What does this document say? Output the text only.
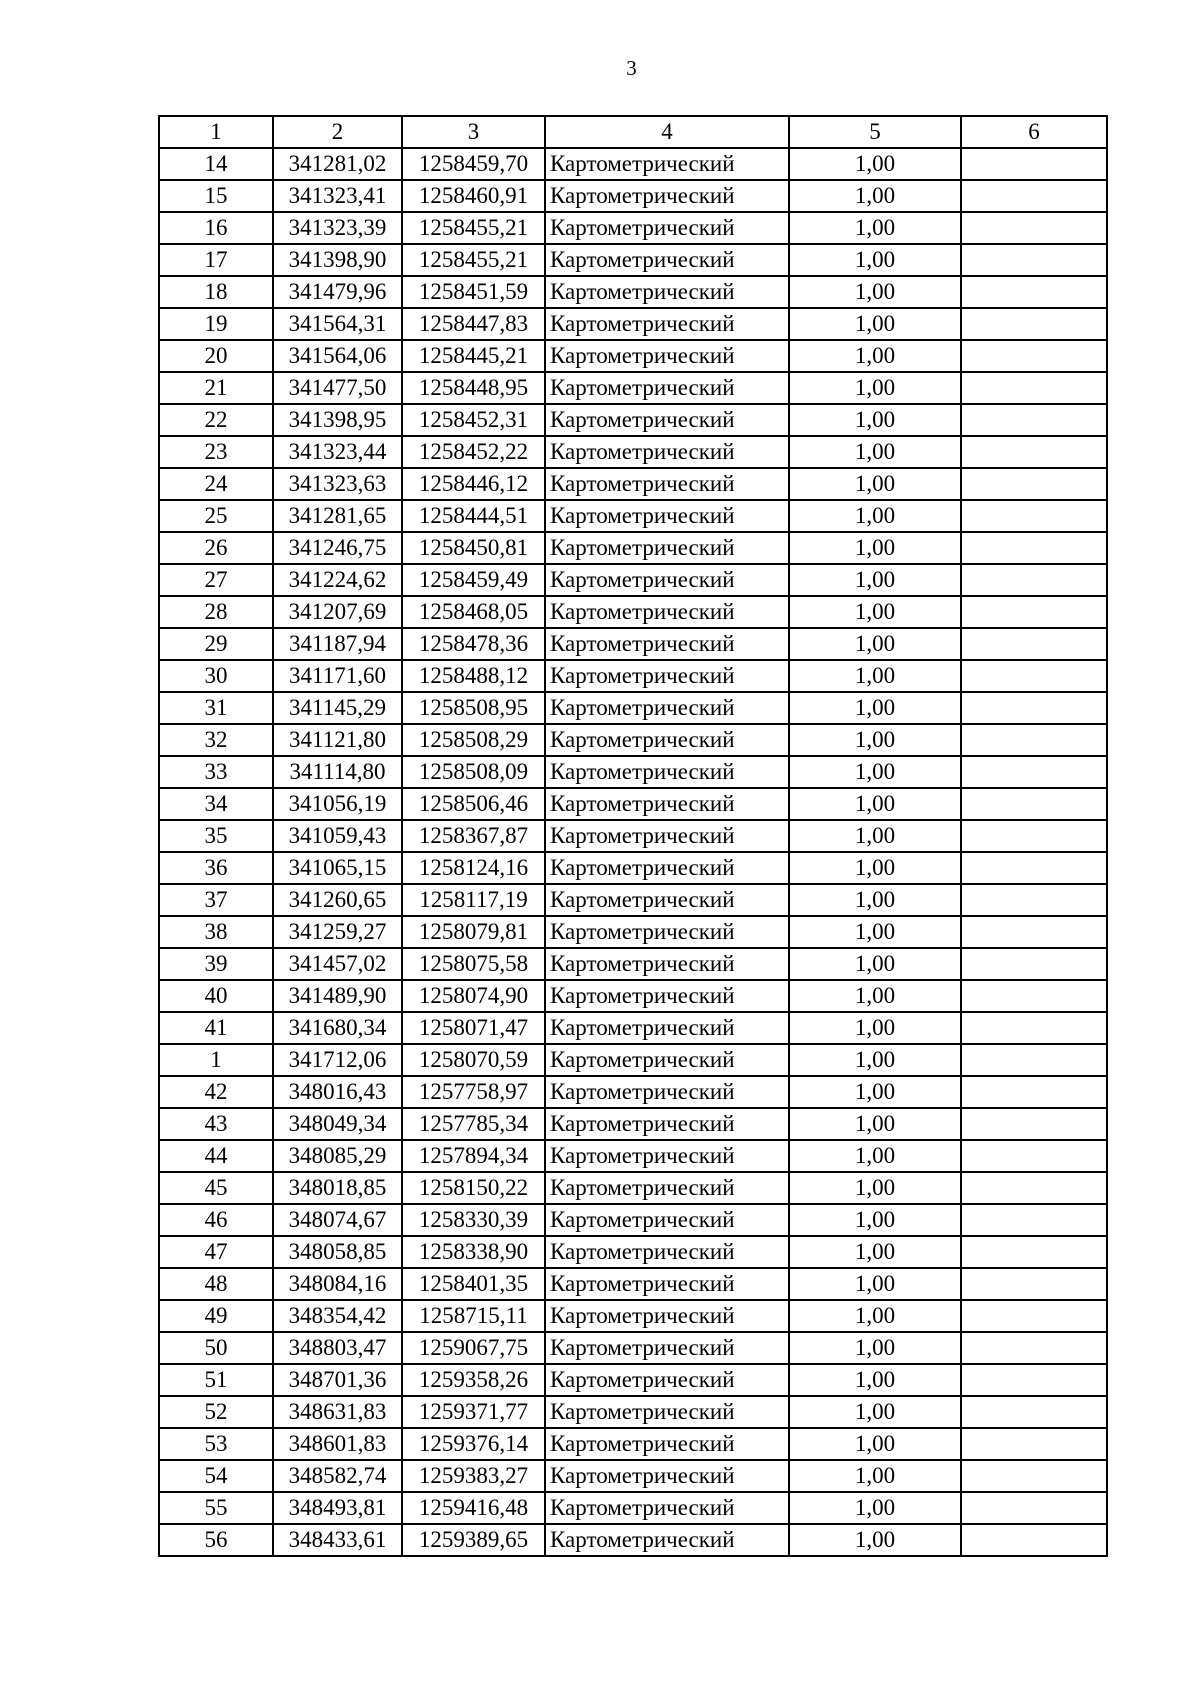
3
1	2	3	4	5	6
14	341281,02	1258459,70	Картометрический	1,00	
15	341323,41	1258460,91	Картометрический	1,00	
16	341323,39	1258455,21	Картометрический	1,00	
17	341398,90	1258455,21	Картометрический	1,00	
18	341479,96	1258451,59	Картометрический	1,00	
19	341564,31	1258447,83	Картометрический	1,00	
20	341564,06	1258445,21	Картометрический	1,00	
21	341477,50	1258448,95	Картометрический	1,00	
22	341398,95	1258452,31	Картометрический	1,00	
23	341323,44	1258452,22	Картометрический	1,00	
24	341323,63	1258446,12	Картометрический	1,00	
25	341281,65	1258444,51	Картометрический	1,00	
26	341246,75	1258450,81	Картометрический	1,00	
27	341224,62	1258459,49	Картометрический	1,00	
28	341207,69	1258468,05	Картометрический	1,00	
29	341187,94	1258478,36	Картометрический	1,00	
30	341171,60	1258488,12	Картометрический	1,00	
31	341145,29	1258508,95	Картометрический	1,00	
32	341121,80	1258508,29	Картометрический	1,00	
33	341114,80	1258508,09	Картометрический	1,00	
34	341056,19	1258506,46	Картометрический	1,00	
35	341059,43	1258367,87	Картометрический	1,00	
36	341065,15	1258124,16	Картометрический	1,00	
37	341260,65	1258117,19	Картометрический	1,00	
38	341259,27	1258079,81	Картометрический	1,00	
39	341457,02	1258075,58	Картометрический	1,00	
40	341489,90	1258074,90	Картометрический	1,00	
41	341680,34	1258071,47	Картометрический	1,00	
1	341712,06	1258070,59	Картометрический	1,00	
42	348016,43	1257758,97	Картометрический	1,00	
43	348049,34	1257785,34	Картометрический	1,00	
44	348085,29	1257894,34	Картометрический	1,00	
45	348018,85	1258150,22	Картометрический	1,00	
46	348074,67	1258330,39	Картометрический	1,00	
47	348058,85	1258338,90	Картометрический	1,00	
48	348084,16	1258401,35	Картометрический	1,00	
49	348354,42	1258715,11	Картометрический	1,00	
50	348803,47	1259067,75	Картометрический	1,00	
51	348701,36	1259358,26	Картометрический	1,00	
52	348631,83	1259371,77	Картометрический	1,00	
53	348601,83	1259376,14	Картометрический	1,00	
54	348582,74	1259383,27	Картометрический	1,00	
55	348493,81	1259416,48	Картометрический	1,00	
56	348433,61	1259389,65	Картометрический	1,00	
